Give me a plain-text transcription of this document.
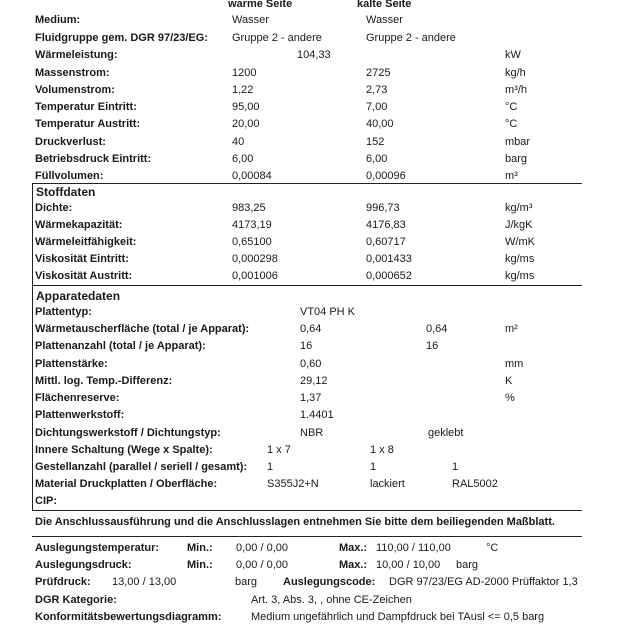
warme Seite	kalte Seite
Medium:	Wasser	Wasser
Fluidgruppe gem. DGR 97/23/EG: Gruppe 2 - andere	Gruppe 2 - andere
Wärmeleistung:	104,33	kW
Massenstrom:	1200	2725	kg/h
Volumenstrom:	1,22	2,73	m³/h
Temperatur Eintritt:	95,00	7,00	°C
Temperatur Austritt:	20,00	40,00	°C
Druckverlust:	40	152	mbar
Betriebsdruck Eintritt:	6,00	6,00	barg
Füllvolumen:	0,00084	0,00096	m³
Stoffdaten
Dichte:	983,25	996,73	kg/m³
Wärmekapazität:	4173,19	4176,83	J/kgK
Wärmeleitfähigkeit:	0,65100	0,60717	W/mK
Viskosität Eintritt:	0,000298	0,001433	kg/ms
Viskosität Austritt:	0,001006	0,000652	kg/ms
Apparatedaten
Plattentyp:	VT04 PH K
Wärmetauscherfläche (total / je Apparat):	0,64	0,64	m²
Plattenanzahl (total / je Apparat):	16	16
Plattenstärke:	0,60	mm
Mittl. log. Temp.-Differenz:	29,12	K
Flächenreserve:	1,37	%
Plattenwerkstoff:	1.4401
Dichtungswerkstoff / Dichtungstyp:	NBR	geklebt
Innere Schaltung (Wege x Spalte):	1 x 7	1 x 8
Gestellanzahl (parallel / seriell / gesamt): 1	1	1
Material Druckplatten / Oberfläche:	S355J2+N	lackiert	RAL5002
CIP:
Die Anschlussausführung und die Anschlusslagen entnehmen Sie bitte dem beiliegenden Maßblatt.
Auslegungstemperatur:	Min.: 0,00 / 0,00	Max.: 110,00 / 110,00	°C
Auslegungsdruck:	Min.: 0,00 / 0,00	Max.: 10,00 / 10,00 barg
Prüfdruck: 13,00 / 13,00	barg Auslegungscode: DGR 97/23/EG AD-2000 Prüffaktor 1,3
DGR Kategorie:	Art. 3, Abs. 3, , ohne CE-Zeichen
Konformitätsbewertungsdiagramm:	Medium ungefährlich und Dampfdruck bei TAusl <= 0,5 barg
